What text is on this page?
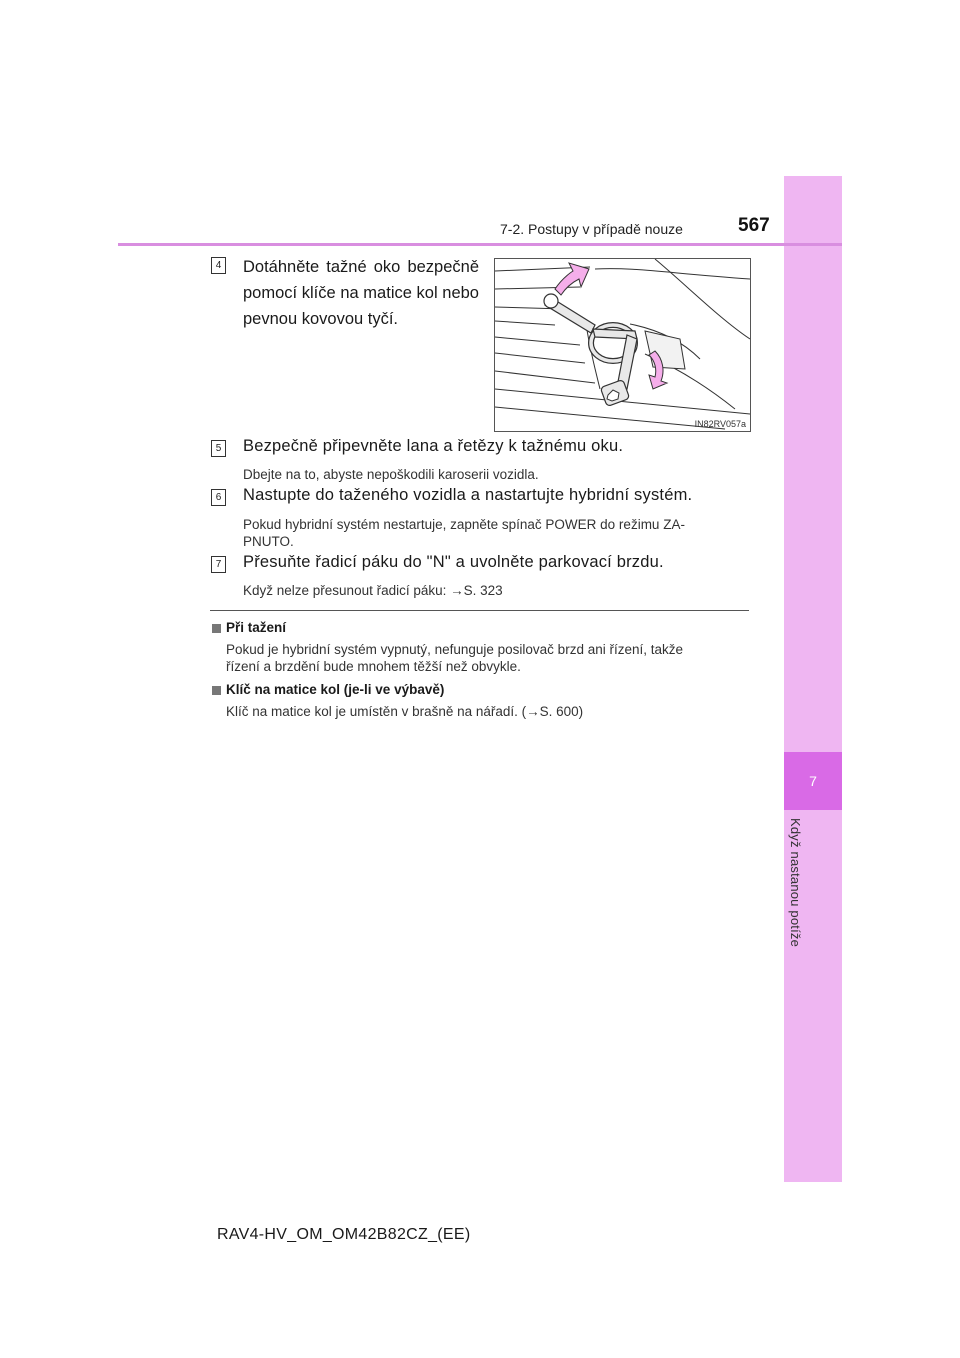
7
Když nastanou potíže
7-2. Postupy v případě nouze	567
4 Dotáhněte tažné oko bezpečně pomocí klíče na matice kol nebo pevnou kovovou tyčí.
IN82RV057a
5 Bezpečně připevněte lana a řetězy k tažnému oku.
Dbejte na to, abyste nepoškodili karoserii vozidla.
6 Nastupte do taženého vozidla a nastartujte hybridní systém.
Pokud hybridní systém nestartuje, zapněte spínač POWER do režimu ZA-
PNUTO.
7 Přesuňte řadicí páku do "N" a uvolněte parkovací brzdu.
Když nelze přesunout řadicí páku: →S. 323
Při tažení
Pokud je hybridní systém vypnutý, nefunguje posilovač brzd ani řízení, takže
řízení a brzdění bude mnohem těžší než obvykle.
Klíč na matice kol (je-li ve výbavě)
Klíč na matice kol je umístěn v brašně na nářadí. (→S. 600)
RAV4-HV_OM_OM42B82CZ_(EE)
